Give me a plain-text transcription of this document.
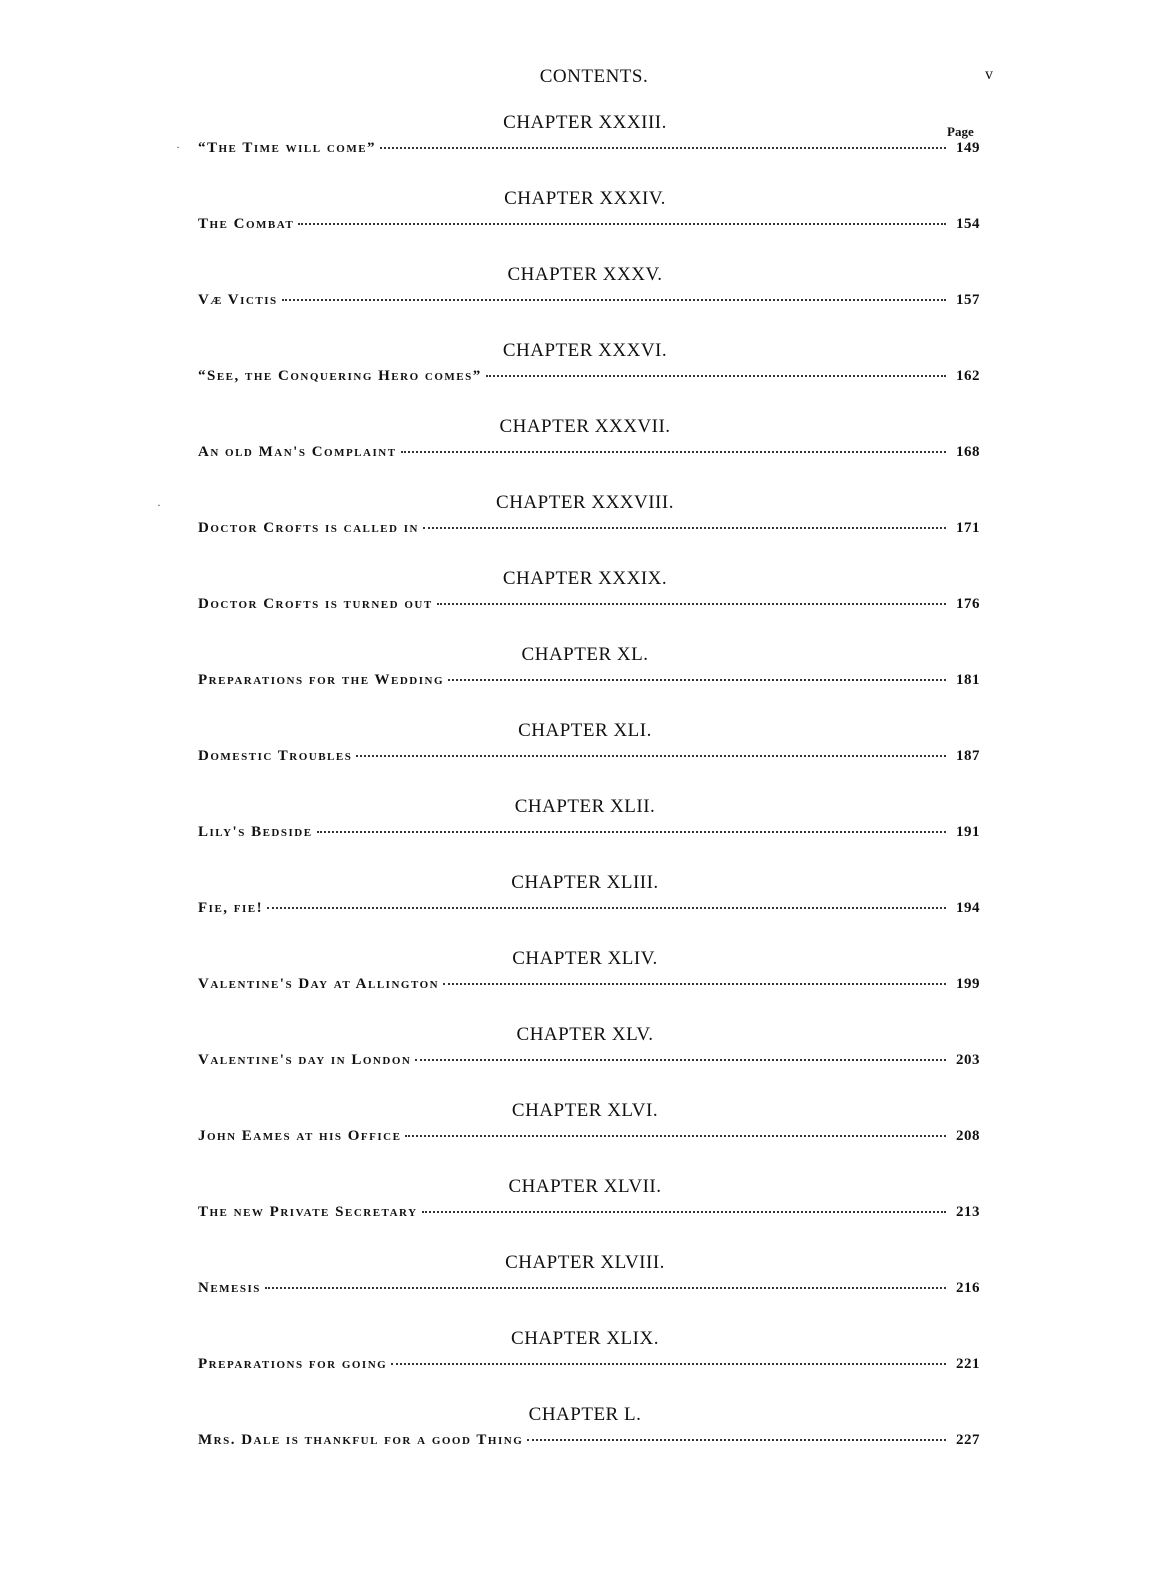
CONTENTS.	v
Page
·
·
CHAPTER XXXIII.
“The Time will come”	149
CHAPTER XXXIV.
The Combat	154
CHAPTER XXXV.
Væ Victis	157
CHAPTER XXXVI.
“See, the Conquering Hero comes”	162
CHAPTER XXXVII.
An old Man's Complaint	168
CHAPTER XXXVIII.
Doctor Crofts is called in	171
CHAPTER XXXIX.
Doctor Crofts is turned out	176
CHAPTER XL.
Preparations for the Wedding	181
CHAPTER XLI.
Domestic Troubles	187
CHAPTER XLII.
Lily's Bedside	191
CHAPTER XLIII.
Fie, fie!	194
CHAPTER XLIV.
Valentine's Day at Allington	199
CHAPTER XLV.
Valentine's day in London	203
CHAPTER XLVI.
John Eames at his Office	208
CHAPTER XLVII.
The new Private Secretary	213
CHAPTER XLVIII.
Nemesis	216
CHAPTER XLIX.
Preparations for going	221
CHAPTER L.
Mrs. Dale is thankful for a good Thing	227
